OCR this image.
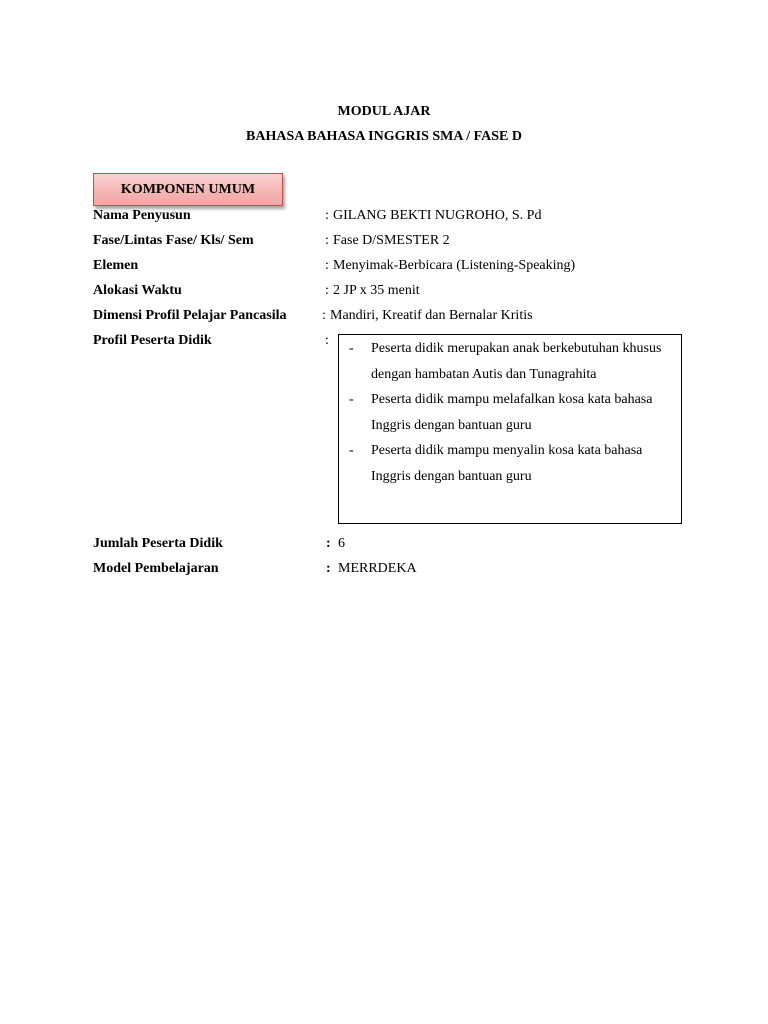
MODUL AJAR
BAHASA BAHASA INGGRIS SMA / FASE D
KOMPONEN UMUM
Nama Penyusun	: GILANG BEKTI NUGROHO, S. Pd
Fase/Lintas Fase/ Kls/ Sem	: Fase D/SMESTER 2
Elemen	: Menyimak-Berbicara (Listening-Speaking)
Alokasi Waktu	: 2 JP x 35 menit
Dimensi Profil Pelajar Pancasila	: Mandiri, Kreatif dan Bernalar Kritis
Profil Peserta Didik	:
- Peserta didik merupakan anak berkebutuhan khusus dengan hambatan Autis dan Tunagrahita
- Peserta didik mampu melafalkan kosa kata bahasa Inggris dengan bantuan guru
- Peserta didik mampu menyalin kosa kata bahasa Inggris dengan bantuan guru
Jumlah Peserta Didik	: 6
Model Pembelajaran	: MERRDEKA
